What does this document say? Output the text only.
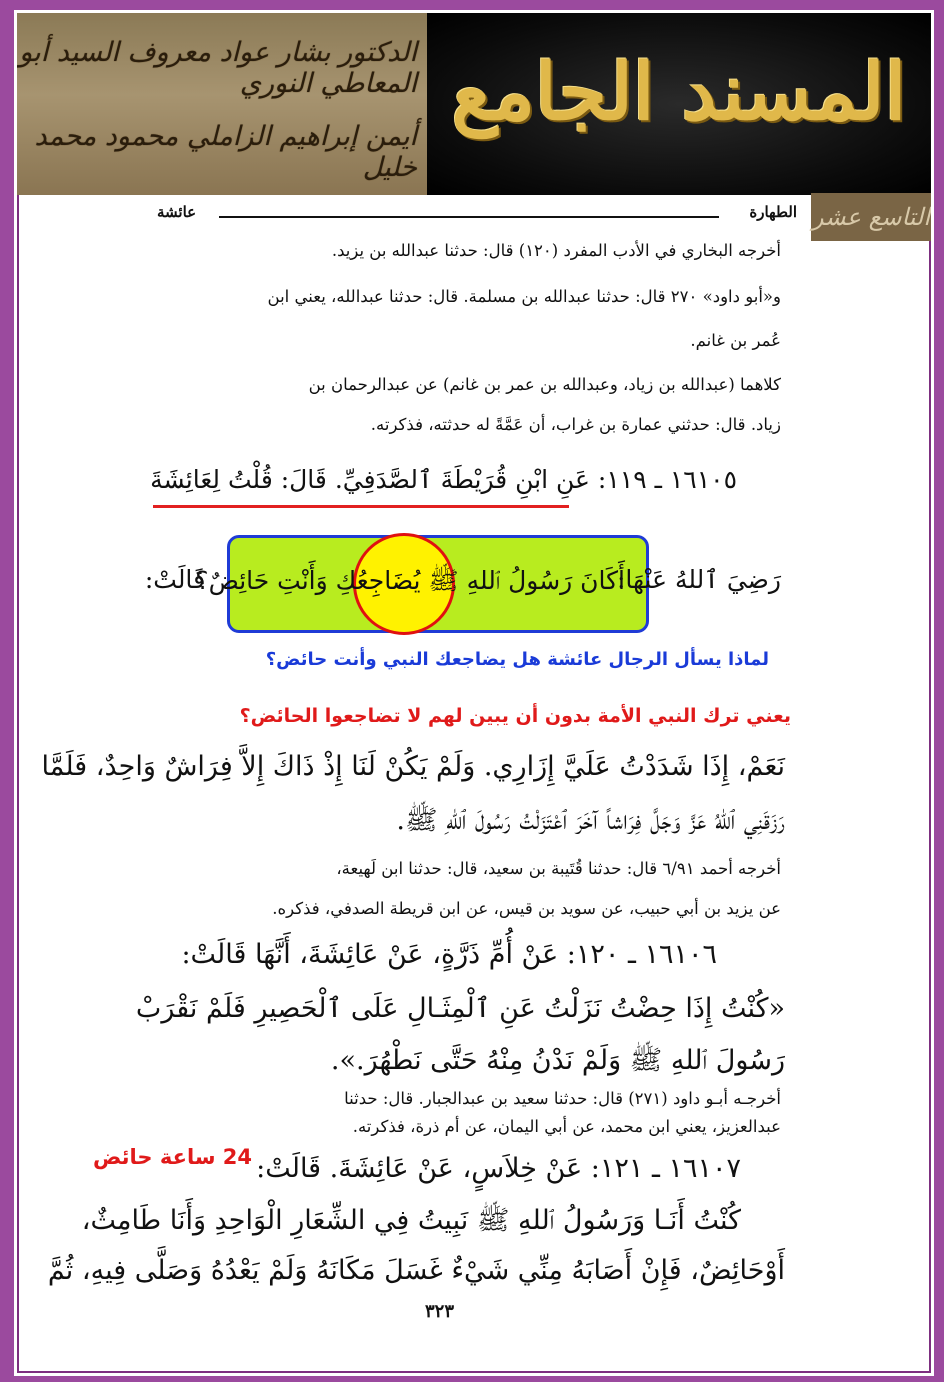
الدكتور بشار عواد معروف السيد أبو المعاطي النوري
أيمن إبراهيم الزاملي محمود محمد خليل
المسند الجامع
التاسع عشر
الطهارة
عائشة
أخرجه البخاري في الأدب المفرد (١٢٠) قال: حدثنا عبدالله بن يزيد.
و«أبو داود» ٢٧٠ قال: حدثنا عبدالله بن مسلمة. قال: حدثنا عبدالله، يعني ابن
عُمر بن غانم.
كلاهما (عبدالله بن زياد، وعبدالله بن عمر بن غانم) عن عبدالرحمان بن
زياد. قال: حدثني عمارة بن غراب، أن عَمَّةً له حدثته، فذكرته.
١٦١٠٥ ـ ١١٩: عَنِ ابْنِ قُرَيْطَةَ ٱلصَّدَفِيِّ. قَالَ: قُلْتُ لِعَائِشَةَ
رَضِيَ ٱللهُ عَنْهَا:
أَكَانَ رَسُولُ ٱللهِ ﷺ يُضَاجِعُكِ وَأَنْتِ حَائِضٌ؟
قَالَتْ:
لماذا يسأل الرجال عائشة هل يضاجعك النبي وأنت حائض؟
يعني ترك النبي الأمة بدون أن يبين لهم لا تضاجعوا الحائض؟
نَعَمْ، إِذَا شَدَدْتُ عَلَيَّ إِزَارِي. وَلَمْ يَكُنْ لَنَا إِذْ ذَاكَ إِلاَّ فِرَاشٌ وَاحِدٌ، فَلَمَّا
رَزَقَنِي ٱللهُ عَزَّ وَجَلَّ فِرَاشاً آخَرَ ٱعْتَزَلْتُ رَسُولَ ٱللهِ ﷺ.
أخرجه أحمد ٦/٩١ قال: حدثنا قُتَيبة بن سعيد، قال: حدثنا ابن لَهيعة،
عن يزيد بن أبي حبيب، عن سويد بن قيس، عن ابن قريطة الصدفي، فذكره.
١٦١٠٦ ـ ١٢٠: عَنْ أُمِّ ذَرَّةٍ، عَنْ عَائِشَةَ، أَنَّهَا قَالَتْ:
«كُنْتُ إِذَا حِضْتُ نَزَلْتُ عَنِ ٱلْمِثَـالِ عَلَى ٱلْحَصِيرِ فَلَمْ نَقْرَبْ
رَسُولَ ٱللهِ ﷺ وَلَمْ نَدْنُ مِنْهُ حَتَّى نَطْهُرَ.».
أخرجـه أبـو داود (٢٧١) قال: حدثنا سعيد بن عبدالجبار. قال: حدثنا
عبدالعزيز، يعني ابن محمد، عن أبي اليمان، عن أم ذرة، فذكرته.
24 ساعة حائض ١٦١٠٧ ـ ١٢١: عَنْ خِلاَسٍ، عَنْ عَائِشَةَ. قَالَتْ:
كُنْتُ أَنَـا وَرَسُولُ ٱللهِ ﷺ نَبِيتُ فِي الشِّعَارِ الْوَاحِدِ وَأَنَا طَامِثٌ،
أَوْحَائِضٌ، فَإِنْ أَصَابَهُ مِنِّي شَيْءٌ غَسَلَ مَكَانَهُ وَلَمْ يَعْدُهُ وَصَلَّى فِيهِ، ثُمَّ
٣٢٣
